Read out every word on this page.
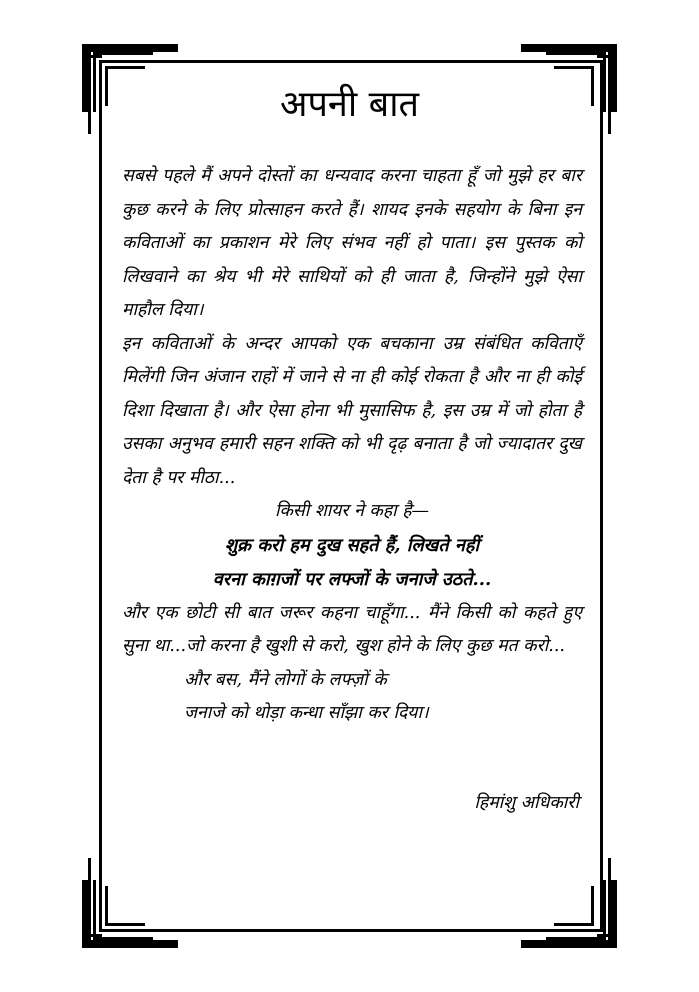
अपनी बात

सबसे पहले मैं अपने दोस्तों का धन्यवाद करना चाहता हूँ जो मुझे हर बार कुछ करने के लिए प्रोत्साहन करते हैं। शायद इनके सहयोग के बिना इन कविताओं का प्रकाशन मेरे लिए संभव नहीं हो पाता। इस पुस्तक को लिखवाने का श्रेय भी मेरे साथियों को ही जाता है, जिन्होंने मुझे ऐसा माहौल दिया।

इन कविताओं के अन्दर आपको एक बचकाना उम्र संबंधित कविताएँ मिलेंगी जिन अंजान राहों में जाने से ना ही कोई रोकता है और ना ही कोई दिशा दिखाता है। और ऐसा होना भी मुसासिफ है, इस उम्र में जो होता है उसका अनुभव हमारी सहन शक्ति को भी दृढ़ बनाता है जो ज्यादातर दुख देता है पर मीठा...

किसी शायर ने कहा है—

शुक्र करो हम दुख सहते हैं, लिखते नहीं

वरना काग़जों पर लफ्जों के जनाजे उठते...

और एक छोटी सी बात जरूर कहना चाहूँगा... मैंने किसी को कहते हुए सुना था...जो करना है खुशी से करो, खुश होने के लिए कुछ मत करो...

और बस, मैंने लोगों के लफ्ज़ों के

जनाजे को थोड़ा कन्धा साँझा कर दिया।

हिमांशु अधिकारी
